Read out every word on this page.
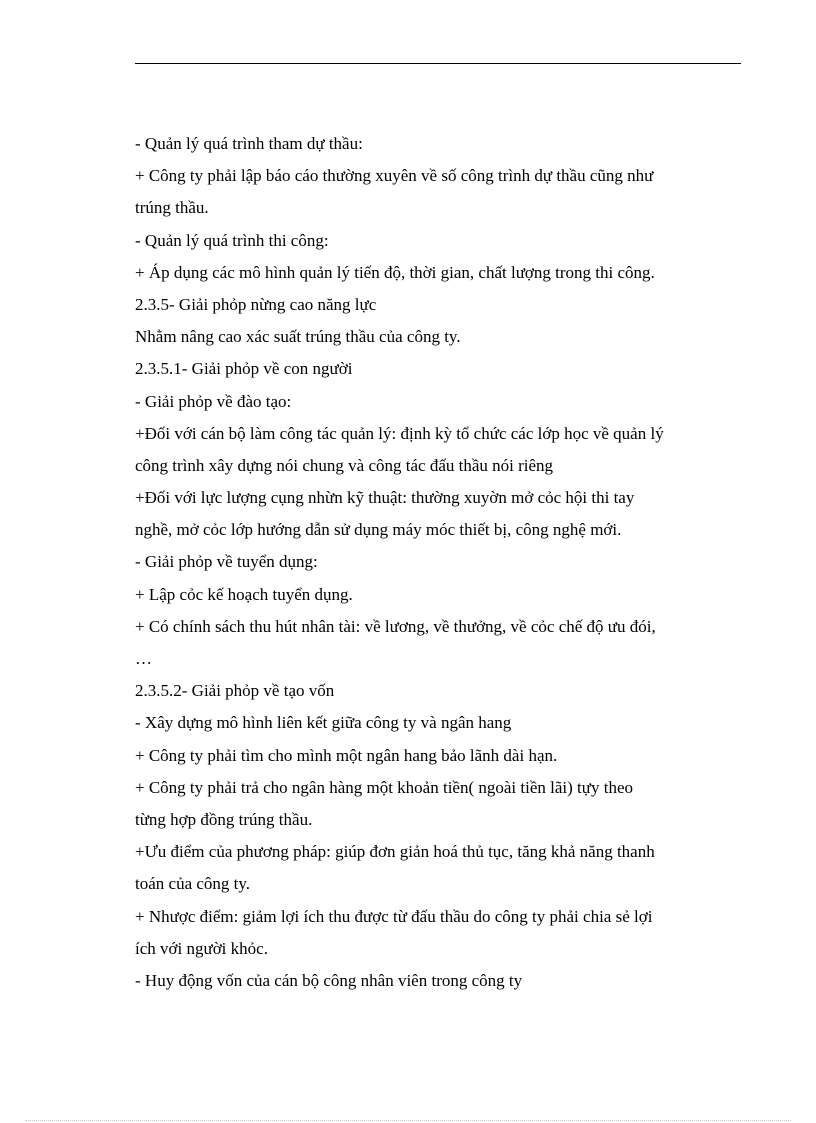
- Quản lý quá trình tham dự thầu:
+ Công ty phải lập báo cáo thường xuyên về số công trình dự thầu cũng như
trúng thầu.
- Quản lý quá trình thi công:
+ Áp dụng các mô hình quản lý tiến độ, thời gian, chất lượng trong thi công.
2.3.5- Giải phỏp nừng cao năng lực
Nhằm nâng cao xác suất trúng thầu của công ty.
2.3.5.1- Giải phỏp về con người
- Giải phỏp về đào tạo:
+Đối với cán bộ làm công tác quản lý: định kỳ tổ chức các lớp học về quản lý
công trình xây dựng nói chung và công tác đấu thầu nói riêng
+Đối với lực lượng cụng nhừn kỹ thuật: thường xuyờn mở cỏc hội thi tay
nghề, mở cỏc lớp hướng dẫn sử dụng máy móc thiết bị, công nghệ mới.
- Giải phỏp về tuyển dụng:
+ Lập cỏc kế hoạch tuyển dụng.
+ Có chính sách thu hút nhân tài: về lương, về thưởng, về cỏc chế độ ưu đói,
…
2.3.5.2- Giải phỏp về tạo vốn
- Xây dựng mô hình liên kết giữa công ty và ngân hang
+ Công ty phải tìm cho mình một ngân hang bảo lãnh dài hạn.
+ Công ty phải trả cho ngân hàng một khoản tiền( ngoài tiền lãi) tựy theo
từng hợp đồng trúng thầu.
+Ưu điểm của phương pháp: giúp đơn giản hoá thủ tục, tăng khả năng thanh
toán của công ty.
+ Nhược điểm: giảm lợi ích thu được từ đấu thầu do công ty phải chia sẻ lợi
ích với người khỏc.
- Huy động vốn của cán bộ công nhân viên trong công ty
